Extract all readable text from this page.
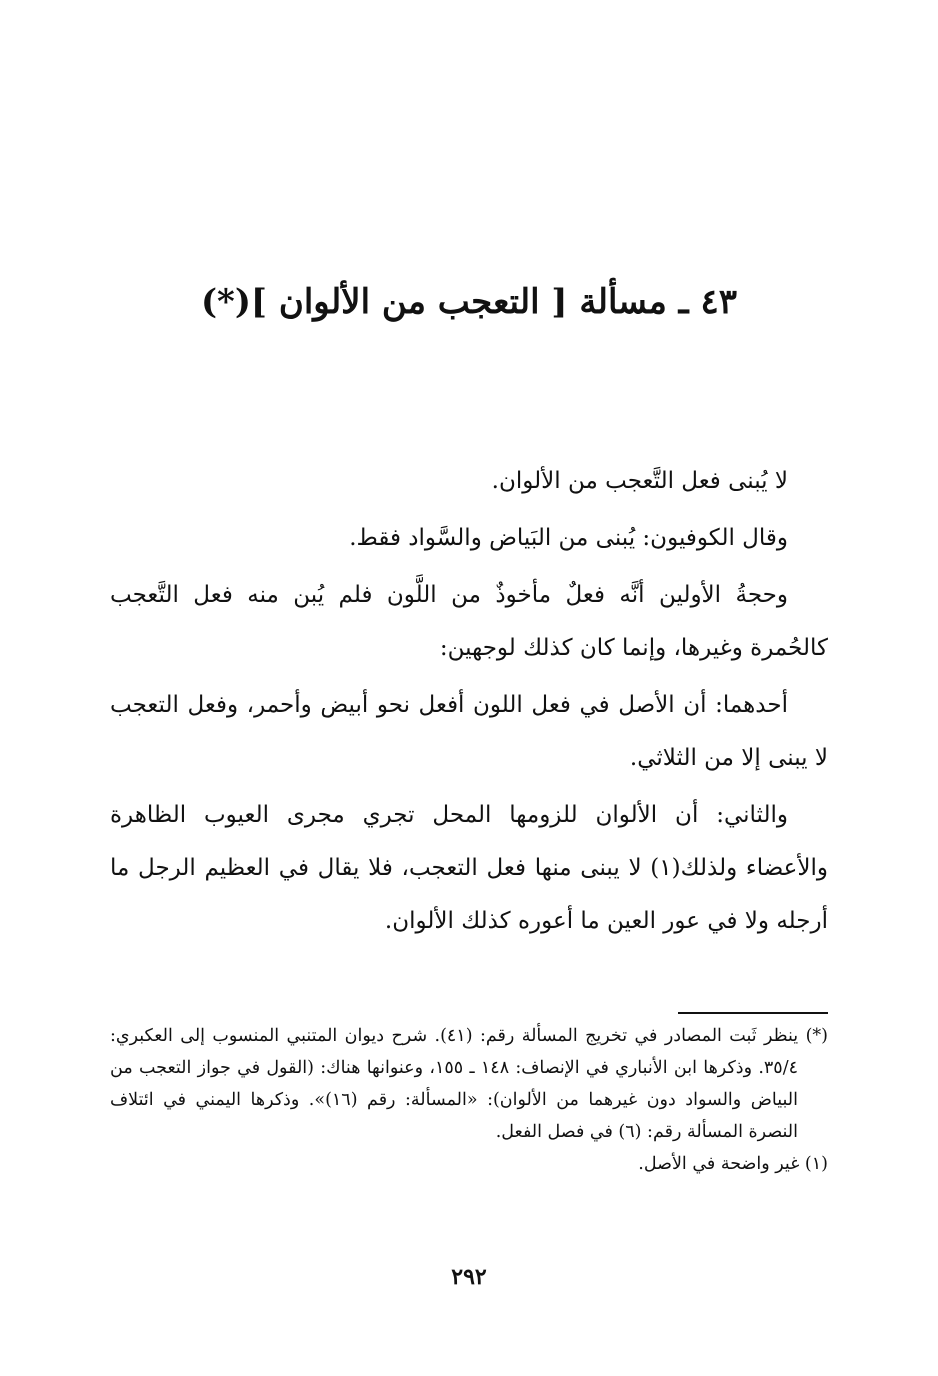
٤٣ ـ مسألة [ التعجب من الألوان ](*)

لا يُبنى فعل التَّعجب من الألوان.

وقال الكوفيون: يُبنى من البَياض والسَّواد فقط.

وحجةُ الأولين أنَّه فعلٌ مأخوذٌ من اللَّون فلم يُبن منه فعل التَّعجب كالحُمرة وغيرها، وإنما كان كذلك لوجهين:

أحدهما: أن الأصل في فعل اللون أفعل نحو أبيض وأحمر، وفعل التعجب لا يبنى إلا من الثلاثي.

والثاني: أن الألوان للزومها المحل تجري مجرى العيوب الظاهرة والأعضاء ولذلك(١) لا يبنى منها فعل التعجب، فلا يقال في العظيم الرجل ما أرجله ولا في عور العين ما أعوره كذلك الألوان.

(*) ينظر ثَبت المصادر في تخريج المسألة رقم: (٤١). شرح ديوان المتنبي المنسوب إلى العكبري: ٣٥/٤. وذكرها ابن الأنباري في الإنصاف: ١٤٨ ـ ١٥٥، وعنوانها هناك: (القول في جواز التعجب من البياض والسواد دون غيرهما من الألوان): «المسألة: رقم (١٦)». وذكرها اليمني في ائتلاف النصرة المسألة رقم: (٦) في فصل الفعل.

(١) غير واضحة في الأصل.

٢٩٢
